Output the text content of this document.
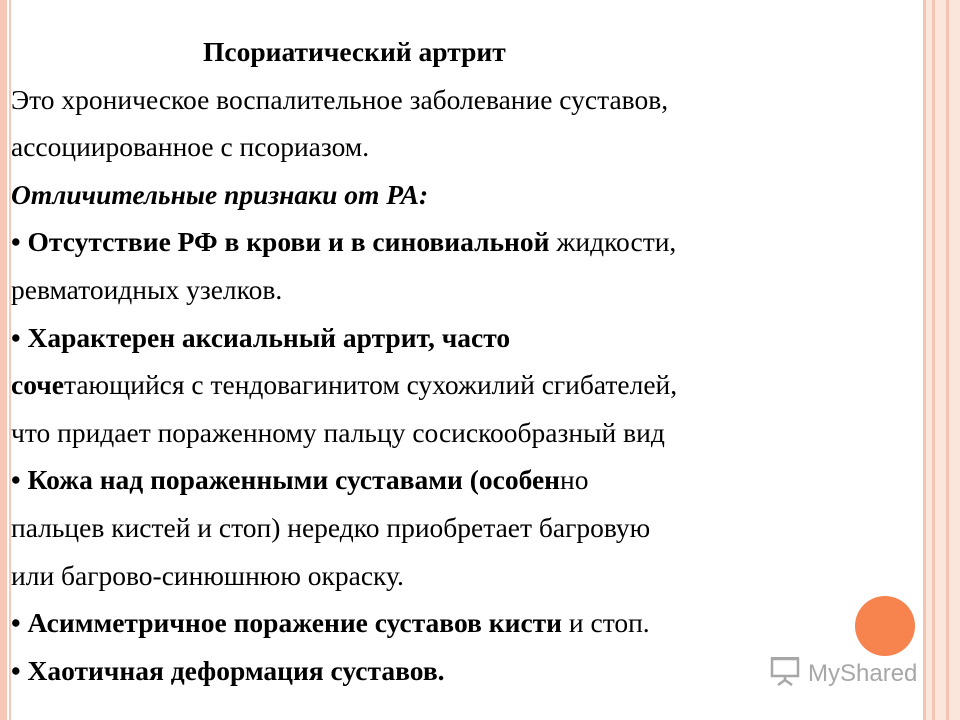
Псориатический артрит
Это хроническое воспалительное заболевание суставов,
ассоциированное с псориазом.
Отличительные признаки от РА:
• Отсутствие РФ в крови и в синовиальной жидкости,
ревматоидных узелков.
• Характерен аксиальный артрит, часто
сочетающийся с тендовагинитом сухожилий сгибателей,
что придает пораженному пальцу сосискообразный вид
• Кожа над пораженными суставами (особенно
пальцев кистей и стоп) нередко приобретает багровую
или багрово-синюшнюю окраску.
• Асимметричное поражение суставов кисти и стоп.
• Хаотичная деформация суставов.	MyShared
